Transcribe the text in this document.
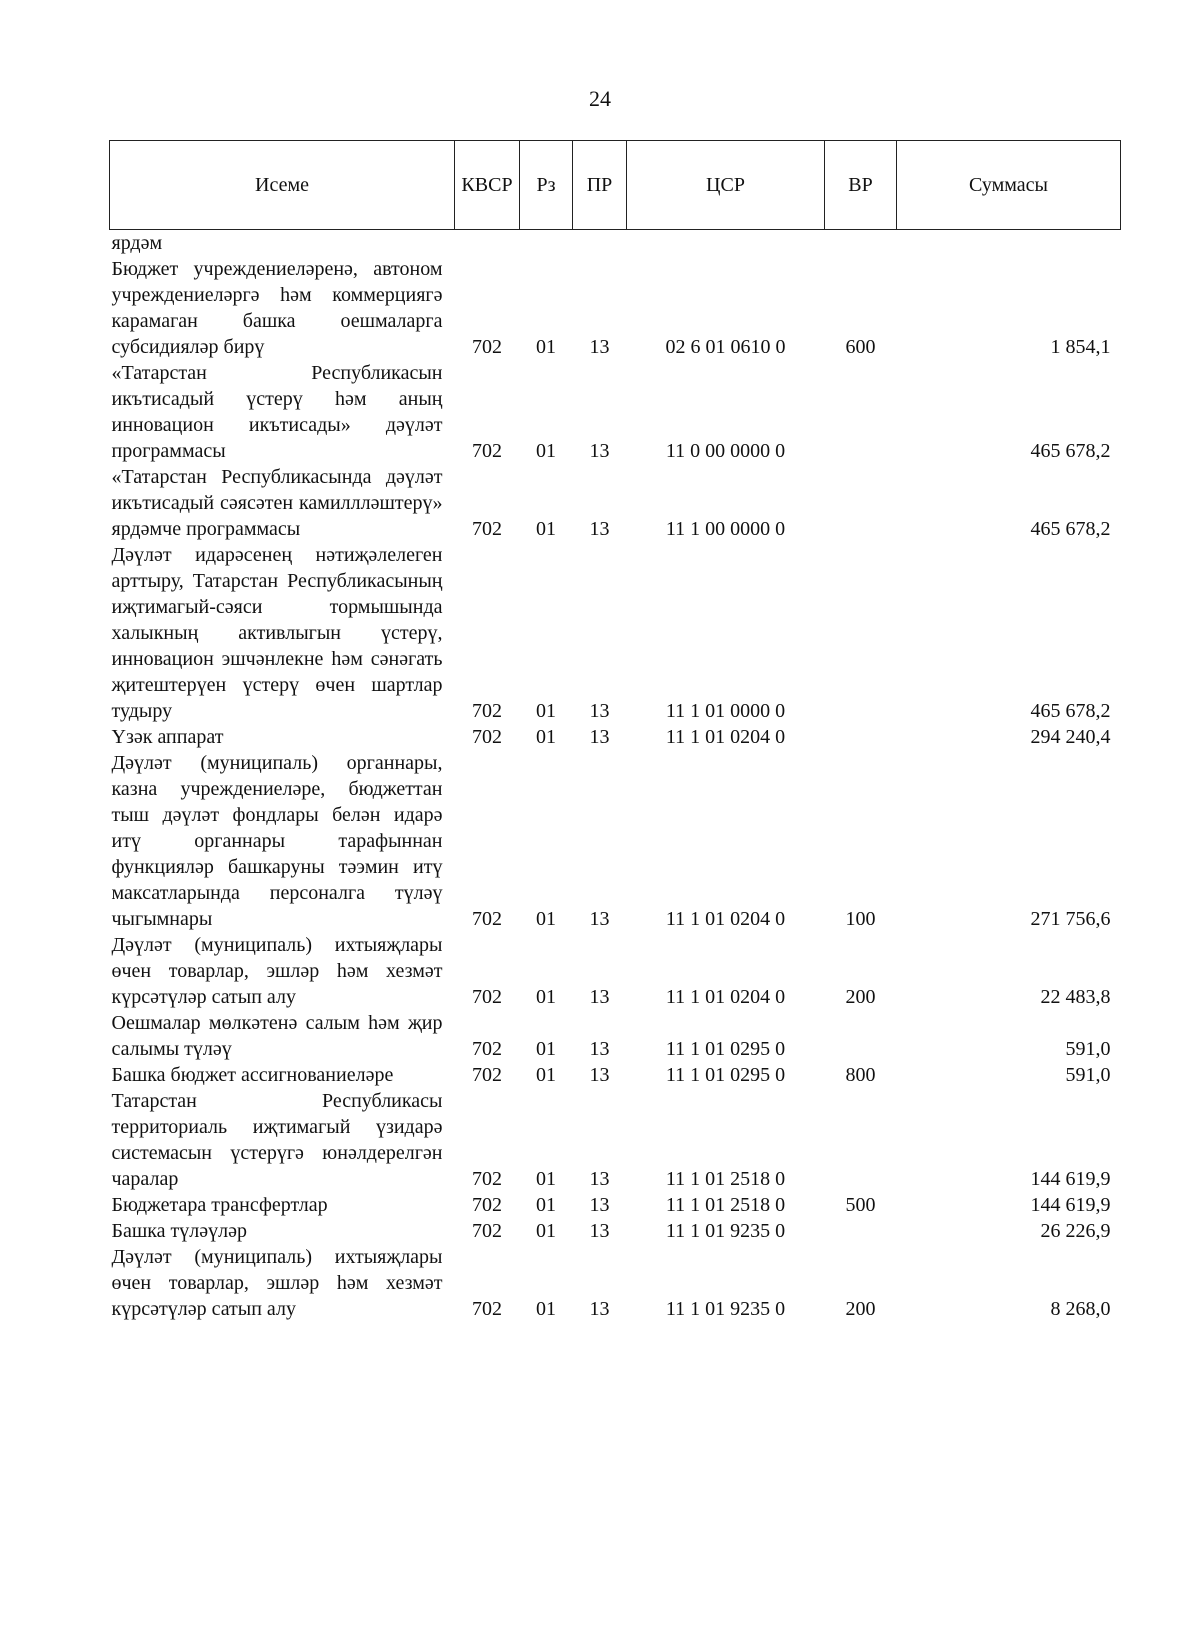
24
Исеме	КВСР	Рз	ПР	ЦСР	ВР	Суммасы
ярдәм						
Бюджет учреждениеләренә, автоном учреждениеләргә һәм коммерциягә карамаган башка оешмаларга субсидияләр бирү	702	01	13	02 6 01 0610 0	600	1 854,1
«Татарстан Республикасын икътисадый үстерү һәм аның инновацион икътисады» дәүләт программасы	702	01	13	11 0 00 0000 0		465 678,2
«Татарстан Республикасында дәүләт икътисадый сәясәтен камиллләштерү» ярдәмче программасы	702	01	13	11 1 00 0000 0		465 678,2
Дәүләт идарәсенең нәтиҗәлелеген арттыру, Татарстан Республикасының иҗтимагый-сәяси тормышында халыкның активлыгын үстерү, инновацион эшчәнлекне һәм сәнәгать җитештерүен үстерү өчен шартлар тудыру	702	01	13	11 1 01 0000 0		465 678,2
Үзәк аппарат	702	01	13	11 1 01 0204 0		294 240,4
Дәүләт (муниципаль) органнары, казна учреждениеләре, бюджеттан тыш дәүләт фондлары белән идарә итү органнары тарафыннан функцияләр башкаруны тәэмин итү максатларында персоналга түләү чыгымнары	702	01	13	11 1 01 0204 0	100	271 756,6
Дәүләт (муниципаль) ихтыяҗлары өчен товарлар, эшләр һәм хезмәт күрсәтүләр сатып алу	702	01	13	11 1 01 0204 0	200	22 483,8
Оешмалар мөлкәтенә салым һәм җир салымы түләү	702	01	13	11 1 01 0295 0		591,0
Башка бюджет ассигнованиеләре	702	01	13	11 1 01 0295 0	800	591,0
Татарстан Республикасы территориаль иҗтимагый үзидарә системасын үстерүгә юнәлдерелгән чаралар	702	01	13	11 1 01 2518 0		144 619,9
Бюджетара трансфертлар	702	01	13	11 1 01 2518 0	500	144 619,9
Башка түләүләр	702	01	13	11 1 01 9235 0		26 226,9
Дәүләт (муниципаль) ихтыяҗлары өчен товарлар, эшләр һәм хезмәт күрсәтүләр сатып алу	702	01	13	11 1 01 9235 0	200	8 268,0
